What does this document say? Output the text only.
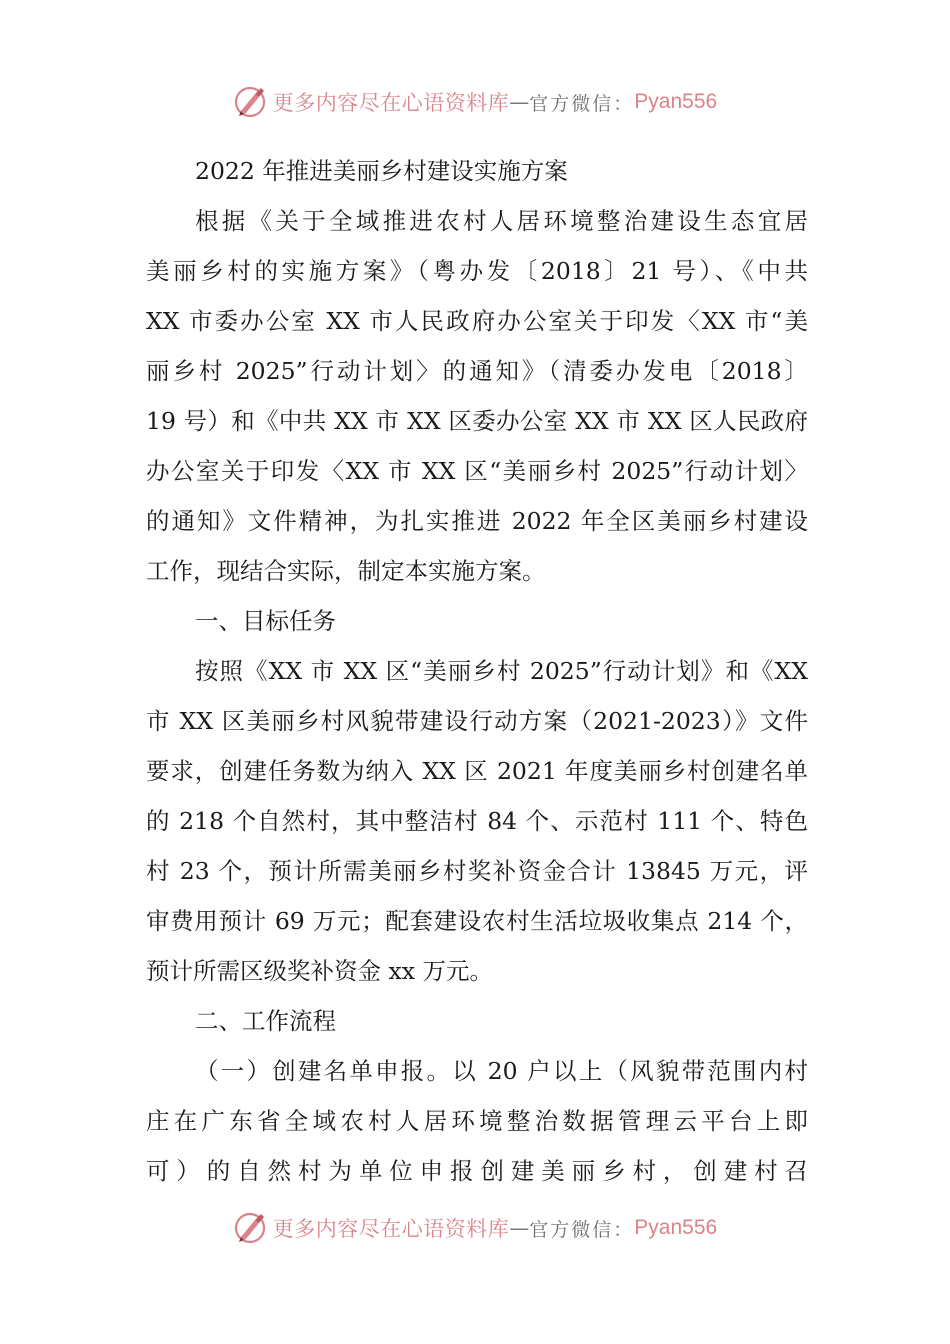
更多内容尽在心语资料库 — 官方微信： Pyan556
2022 年推进美丽乡村建设实施方案
根据《关于全域推进农村人居环境整治建设生态宜居
美丽乡村的实施方案》（粤办发〔2018〕21 号）、《中共
XX 市委办公室 XX 市人民政府办公室关于印发〈XX 市“美
丽乡村 2025”行动计划〉的通知》（清委办发电〔2018〕
19 号）和《中共 XX 市 XX 区委办公室 XX 市 XX 区人民政府
办公室关于印发〈XX 市 XX 区“美丽乡村 2025”行动计划〉
的通知》文件精神，为扎实推进 2022 年全区美丽乡村建设
工作，现结合实际，制定本实施方案。
一、目标任务
按照《XX 市 XX 区“美丽乡村 2025”行动计划》和《XX
市 XX 区美丽乡村风貌带建设行动方案（2021-2023）》文件
要求，创建任务数为纳入 XX 区 2021 年度美丽乡村创建名单
的 218 个自然村，其中整洁村 84 个、示范村 111 个、特色
村 23 个，预计所需美丽乡村奖补资金合计 13845 万元，评
审费用预计 69 万元；配套建设农村生活垃圾收集点 214 个，
预计所需区级奖补资金 xx 万元。
二、工作流程
（一）创建名单申报。以 20 户以上（风貌带范围内村
庄在广东省全域农村人居环境整治数据管理云平台上即
可）的自然村为单位申报创建美丽乡村，创建村召
更多内容尽在心语资料库 — 官方微信： Pyan556
